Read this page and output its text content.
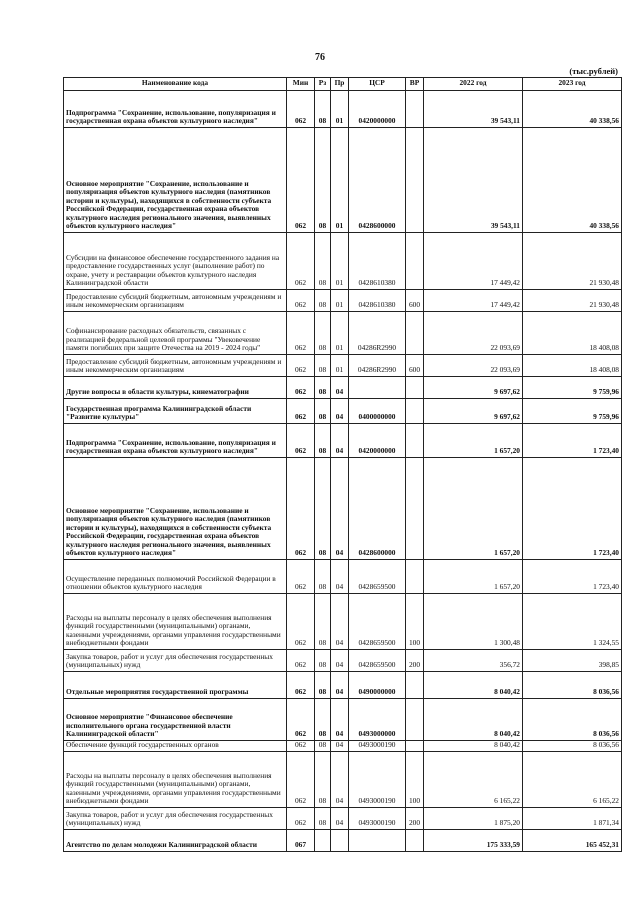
76
(тыс.рублей)
Наименование кода	Мин	Рз	Пр	ЦСР	ВР	2022 год	2023 год
Подпрограмма "Сохранение, использование, популяризация и государственная охрана объектов культурного наследия"	062	08	01	0420000000		39 543,11	40 338,56
Основное мероприятие "Сохранение, использование и популяризация объектов культурного наследия (памятников истории и культуры), находящихся в собственности субъекта Российской Федерации, государственная охрана объектов культурного наследия регионального значения, выявленных объектов культурного наследия"	062	08	01	0428600000		39 543,11	40 338,56
Субсидии на финансовое обеспечение государственного задания на предоставление государственных услуг (выполнение работ) по охране, учету и реставрации объектов культурного наследия Калининградской области	062	08	01	0428610380		17 449,42	21 930,48
Предоставление субсидий бюджетным, автономным учреждениям и иным некоммерческим организациям	062	08	01	0428610380	600	17 449,42	21 930,48
Софинансирование расходных обязательств, связанных с реализацией федеральной целевой программы "Увековечение памяти погибших при защите Отечества на 2019 - 2024 годы"	062	08	01	04286R2990		22 093,69	18 408,08
Предоставление субсидий бюджетным, автономным учреждениям и иным некоммерческим организациям	062	08	01	04286R2990	600	22 093,69	18 408,08
Другие вопросы в области культуры, кинематографии	062	08	04			9 697,62	9 759,96
Государственная программа Калининградской области "Развитие культуры"	062	08	04	0400000000		9 697,62	9 759,96
Подпрограмма "Сохранение, использование, популяризация и государственная охрана объектов культурного наследия"	062	08	04	0420000000		1 657,20	1 723,40
Основное мероприятие "Сохранение, использование и популяризация объектов культурного наследия (памятников истории и культуры), находящихся в собственности субъекта Российской Федерации, государственная охрана объектов культурного наследия регионального значения, выявленных объектов культурного наследия"	062	08	04	0428600000		1 657,20	1 723,40
Осуществление переданных полномочий Российской Федерации в отношении объектов культурного наследия	062	08	04	0428659500		1 657,20	1 723,40
Расходы на выплаты персоналу в целях обеспечения выполнения функций государственными (муниципальными) органами, казенными учреждениями, органами управления государственными внебюджетными фондами	062	08	04	0428659500	100	1 300,48	1 324,55
Закупка товаров, работ и услуг для обеспечения государственных (муниципальных) нужд	062	08	04	0428659500	200	356,72	398,85
Отдельные мероприятия государственной программы	062	08	04	0490000000		8 040,42	8 036,56
Основное мероприятие "Финансовое обеспечение исполнительного органа государственной власти Калининградской области"	062	08	04	0493000000		8 040,42	8 036,56
Обеспечение функций государственных органов	062	08	04	0493000190		8 040,42	8 036,56
Расходы на выплаты персоналу в целях обеспечения выполнения функций государственными (муниципальными) органами, казенными учреждениями, органами управления государственными внебюджетными фондами	062	08	04	0493000190	100	6 165,22	6 165,22
Закупка товаров, работ и услуг для обеспечения государственных (муниципальных) нужд	062	08	04	0493000190	200	1 875,20	1 871,34
Агентство по делам молодежи Калининградской области	067					175 333,59	165 452,31
